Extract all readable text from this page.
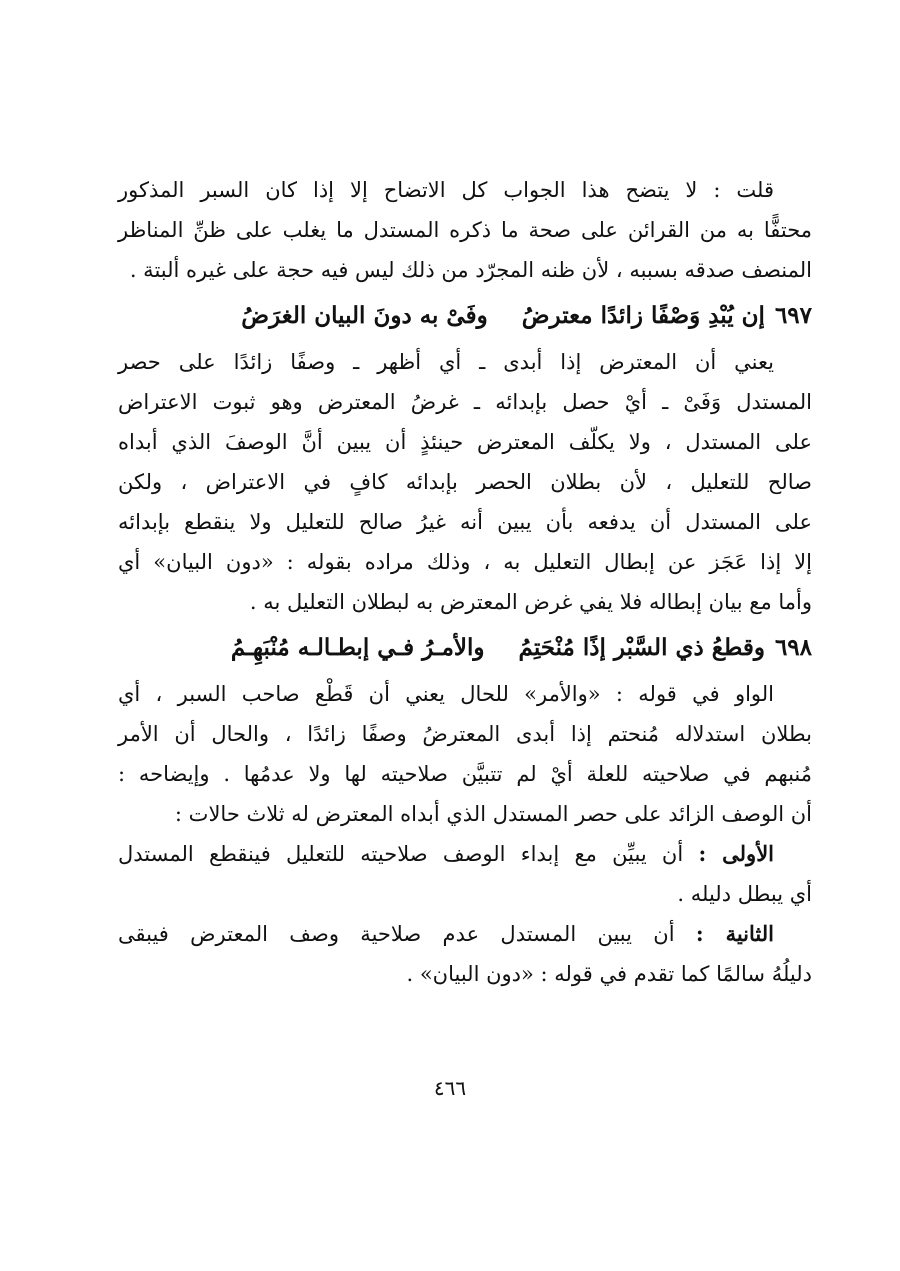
قلت : لا يتضح هذا الجواب كل الاتضاح إلا إذا كان السبر المذكور
محتفًّا به من القرائن على صحة ما ذكره المستدل ما يغلب على ظنِّ المناظر
المنصف صدقه بسببه ، لأن ظنه المجرّد من ذلك ليس فيه حجة على غيره ألبتة .
٦٩٧إن يُبْدِ وَصْفًا زائدًا معترضُوفَىْ به دونَ البيان الغرَضُ
يعني أن المعترض إذا أبدى ـ أي أظهر ـ وصفًا زائدًا على حصر
المستدل وَفَىْ ـ أيْ حصل بإبدائه ـ غرضُ المعترض وهو ثبوت الاعتراض
على المستدل ، ولا يكلّف المعترض حينئذٍ أن يبين أنَّ الوصفَ الذي أبداه
صالح للتعليل ، لأن بطلان الحصر بإبدائه كافٍ في الاعتراض ، ولكن
على المستدل أن يدفعه بأن يبين أنه غيرُ صالح للتعليل ولا ينقطع بإبدائه
إلا إذا عَجَز عن إبطال التعليل به ، وذلك مراده بقوله : «دون البيان» أي
وأما مع بيان إبطاله فلا يفي غرض المعترض به لبطلان التعليل به .
٦٩٨وقطعُ ذي السَّبْر إذًا مُنْحَتِمُوالأمـرُ فـي إبطـالـه مُنْبَهِـمُ
الواو في قوله : «والأمر» للحال يعني أن قَطْع صاحب السبر ، أي
بطلان استدلاله مُنحتم إذا أبدى المعترضُ وصفًا زائدًا ، والحال أن الأمر
مُنبهم في صلاحيته للعلة أيْ لم تتبيَّن صلاحيته لها ولا عدمُها . وإيضاحه :
أن الوصف الزائد على حصر المستدل الذي أبداه المعترض له ثلاث حالات :
الأولى : أن يبيِّن مع إبداء الوصف صلاحيته للتعليل فينقطع المستدل
أي يبطل دليله .
الثانية : أن يبين المستدل عدم صلاحية وصف المعترض فيبقى
دليلُهُ سالمًا كما تقدم في قوله : «دون البيان» .
٤٦٦
